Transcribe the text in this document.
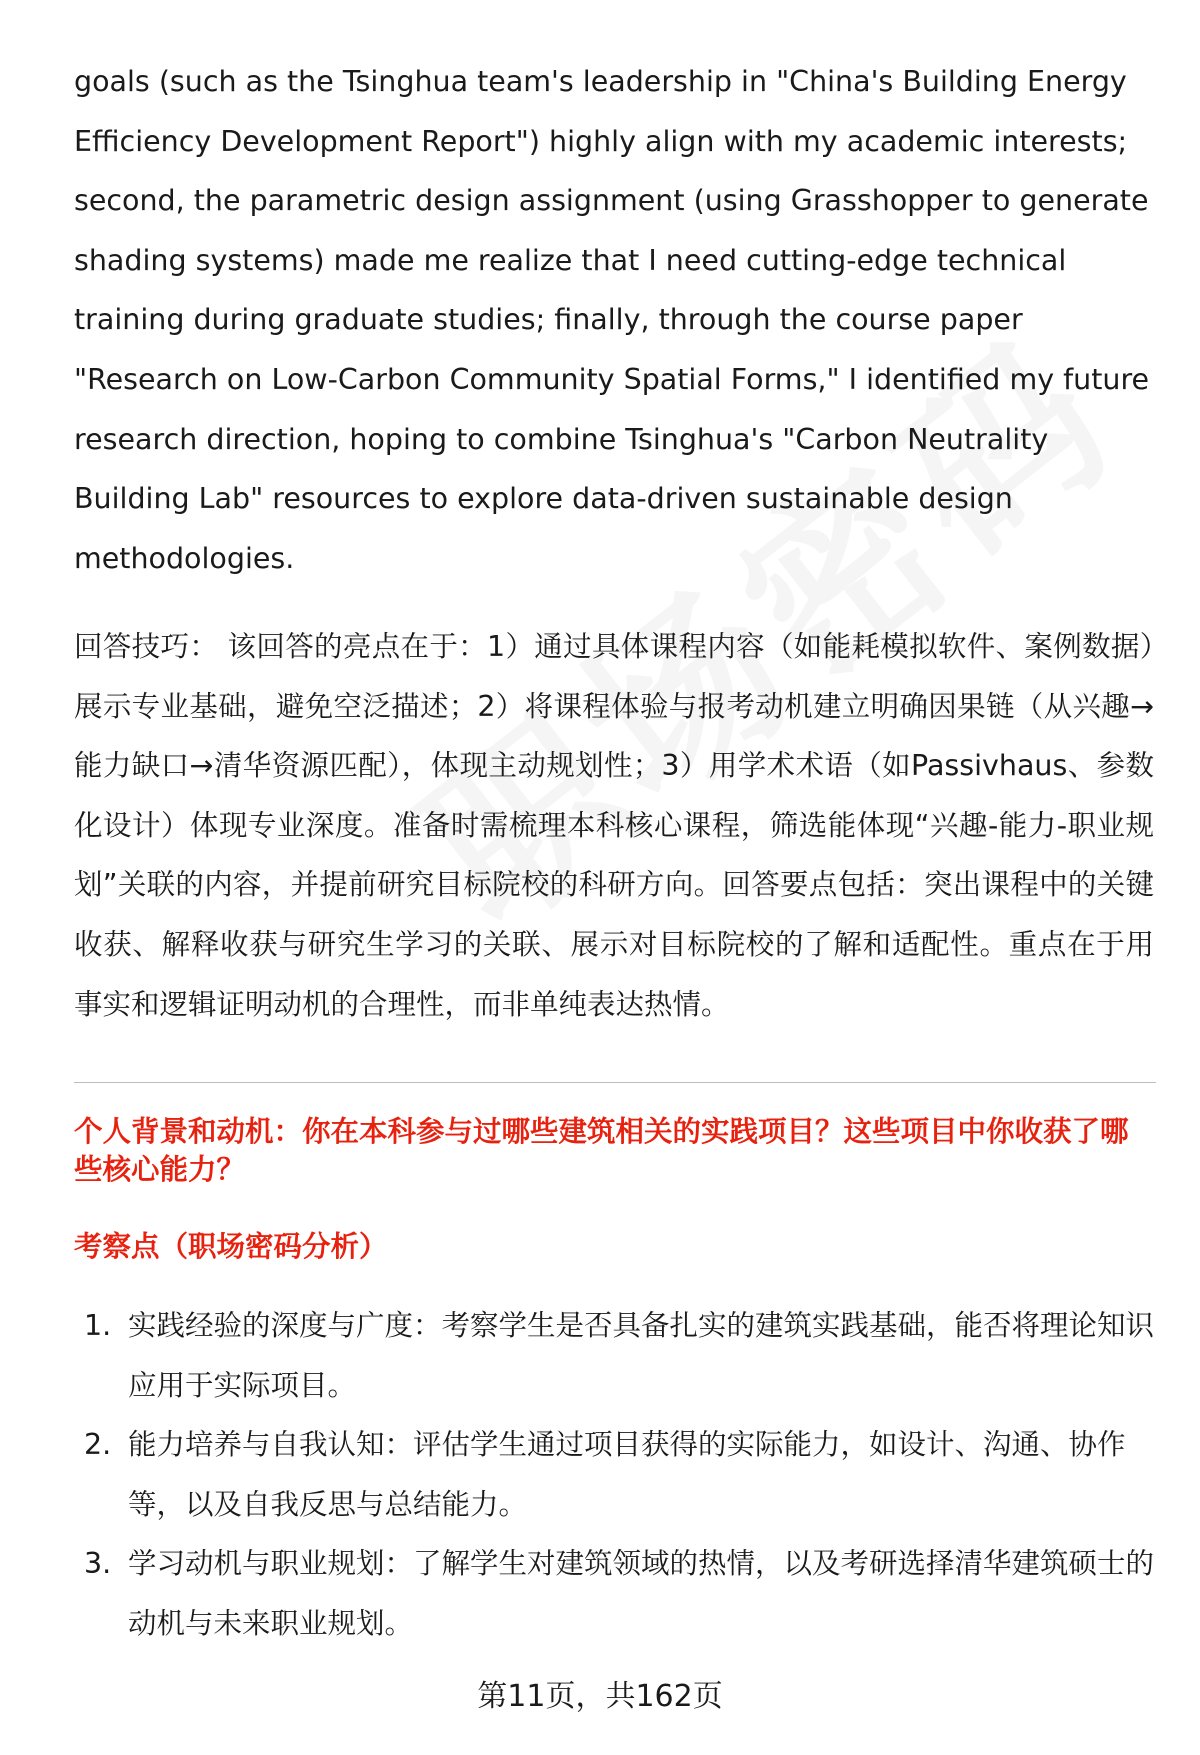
goals (such as the Tsinghua team's leadership in "China's Building Energy Efficiency Development Report") highly align with my academic interests; second, the parametric design assignment (using Grasshopper to generate shading systems) made me realize that I need cutting-edge technical training during graduate studies; finally, through the course paper "Research on Low-Carbon Community Spatial Forms," I identified my future research direction, hoping to combine Tsinghua's "Carbon Neutrality Building Lab" resources to explore data-driven sustainable design methodologies.

回答技巧： 该回答的亮点在于：1）通过具体课程内容（如能耗模拟软件、案例数据）展示专业基础，避免空泛描述；2）将课程体验与报考动机建立明确因果链（从兴趣→能力缺口→清华资源匹配），体现主动规划性；3）用学术术语（如Passivhaus、参数化设计）体现专业深度。准备时需梳理本科核心课程，筛选能体现“兴趣-能力-职业规划”关联的内容，并提前研究目标院校的科研方向。回答要点包括：突出课程中的关键收获、解释收获与研究生学习的关联、展示对目标院校的了解和适配性。重点在于用事实和逻辑证明动机的合理性，而非单纯表达热情。

个人背景和动机：你在本科参与过哪些建筑相关的实践项目？这些项目中你收获了哪些核心能力？

考察点（职场密码分析）

1. 实践经验的深度与广度：考察学生是否具备扎实的建筑实践基础，能否将理论知识应用于实际项目。
2. 能力培养与自我认知：评估学生通过项目获得的实际能力，如设计、沟通、协作等，以及自我反思与总结能力。
3. 学习动机与职业规划：了解学生对建筑领域的热情，以及考研选择清华建筑硕士的动机与未来职业规划。
第11页，共162页
